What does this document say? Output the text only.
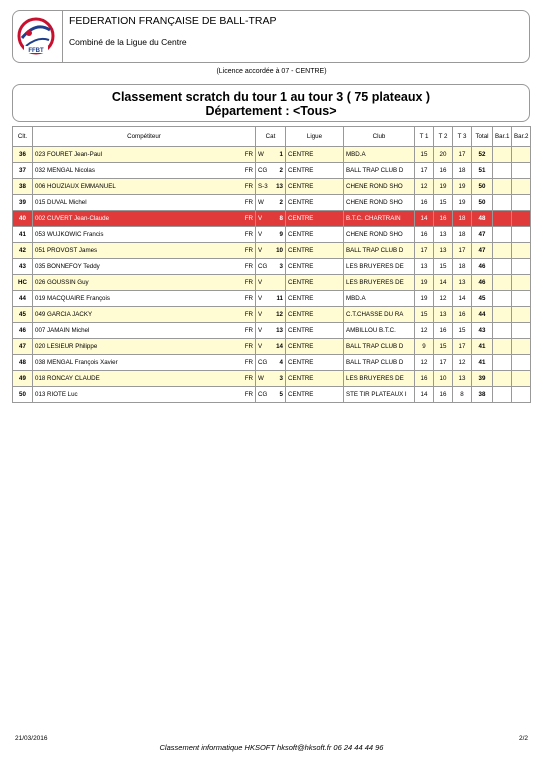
FFBT
FEDERATION FRANÇAISE DE BALL-TRAP
Combiné de la Ligue du Centre
(Licence accordée à 07 - CENTRE)
Classement scratch du tour 1 au tour 3 ( 75 plateaux )
Département : <Tous>
Clt.	Compétiteur	Cat	Ligue	Club	T 1	T 2	T 3	Total	Bar.1	Bar.2
36	023 FOURET Jean-Paul FR	W 1	CENTRE	MBD.A	15	20	17	52		
37	032 MENGAL Nicolas FR	CG 2	CENTRE	BALL TRAP CLUB D	17	16	18	51		
38	006 HOUZIAUX EMMANUEL FR	S-3 13	CENTRE	CHENE ROND SHO	12	19	19	50		
39	015 DUVAL Michel FR	W 2	CENTRE	CHENE ROND SHO	16	15	19	50		
40	002 CUVERT Jean-Claude FR	V 8	CENTRE	B.T.C. CHARTRAIN	14	16	18	48		
41	053 WUJKOWIC Francis FR	V 9	CENTRE	CHENE ROND SHO	16	13	18	47		
42	051 PROVOST James FR	V 10	CENTRE	BALL TRAP CLUB D	17	13	17	47		
43	035 BONNEFOY Teddy FR	CG 3	CENTRE	LES BRUYERES DE	13	15	18	46		
HC	026 GOUSSIN Guy FR	V	CENTRE	LES BRUYERES DE	19	14	13	46		
44	019 MACQUAIRE François FR	V 11	CENTRE	MBD.A	19	12	14	45		
45	049 GARCIA JACKY FR	V 12	CENTRE	C.T.CHASSE DU RA	15	13	16	44		
46	007 JAMAIN Michel FR	V 13	CENTRE	AMBILLOU B.T.C.	12	16	15	43		
47	020 LESIEUR Philippe FR	V 14	CENTRE	BALL TRAP CLUB D	9	15	17	41		
48	038 MENGAL François Xavier FR	CG 4	CENTRE	BALL TRAP CLUB D	12	17	12	41		
49	018 RONCAY CLAUDE FR	W 3	CENTRE	LES BRUYERES DE	16	10	13	39		
50	013 RIOTE Luc FR	CG 5	CENTRE	STE TIR PLATEAUX I	14	16	8	38		
21/03/2016	2/2
Classement informatique HKSOFT hksoft@hksoft.fr 06 24 44 44 96
